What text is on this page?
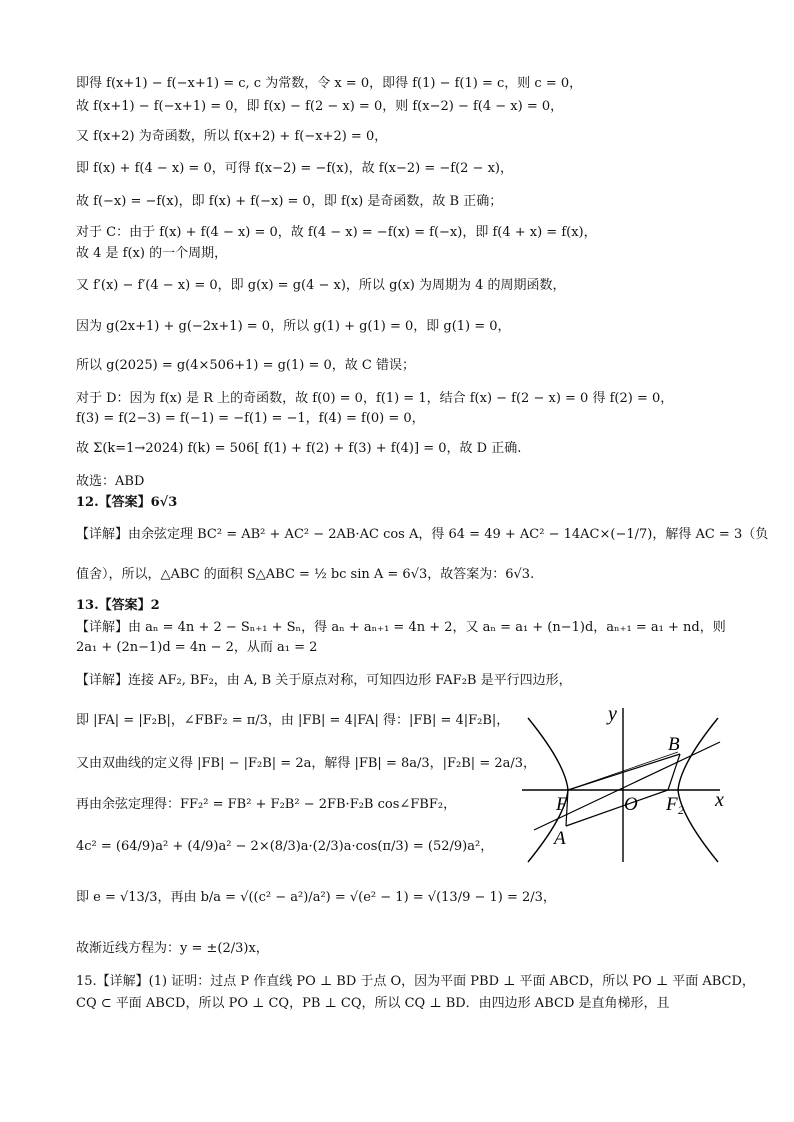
即得 f(x+1) − f(−x+1) = c, c 为常数，令 x = 0，即得 f(1) − f(1) = c，则 c = 0，
故 f(x+1) − f(−x+1) = 0，即 f(x) − f(2 − x) = 0，则 f(x−2) − f(4 − x) = 0，
又 f(x+2) 为奇函数，所以 f(x+2) + f(−x+2) = 0，
即 f(x) + f(4 − x) = 0，可得 f(x−2) = −f(x)，故 f(x−2) = −f(2 − x)，
故 f(−x) = −f(x)，即 f(x) + f(−x) = 0，即 f(x) 是奇函数，故 B 正确；
对于 C：由于 f(x) + f(4 − x) = 0，故 f(4 − x) = −f(x) = f(−x)，即 f(4 + x) = f(x)，
故 4 是 f(x) 的一个周期，
又 f′(x) − f′(4 − x) = 0，即 g(x) = g(4 − x)，所以 g(x) 为周期为 4 的周期函数，
因为 g(2x+1) + g(−2x+1) = 0，所以 g(1) + g(1) = 0，即 g(1) = 0，
所以 g(2025) = g(4×506+1) = g(1) = 0，故 C 错误；
对于 D：因为 f(x) 是 R 上的奇函数，故 f(0) = 0，f(1) = 1，结合 f(x) − f(2 − x) = 0 得 f(2) = 0，
f(3) = f(2−3) = f(−1) = −f(1) = −1，f(4) = f(0) = 0，
故 Σ(k=1→2024) f(k) = 506[ f(1) + f(2) + f(3) + f(4)] = 0，故 D 正确.
故选：ABD
12.【答案】6√3
【详解】由余弦定理 BC² = AB² + AC² − 2AB·AC cos A，得 64 = 49 + AC² − 14AC×(−1/7)，解得 AC = 3（负
值舍），所以，△ABC 的面积 S△ABC = ½ bc sin A = 6√3，故答案为：6√3.
13.【答案】2
【详解】由 aₙ = 4n + 2 − Sₙ₊₁ + Sₙ，得 aₙ + aₙ₊₁ = 4n + 2，又 aₙ = a₁ + (n−1)d，aₙ₊₁ = a₁ + nd，则
2a₁ + (2n−1)d = 4n − 2，从而 a₁ = 2
【详解】连接 AF₂, BF₂，由 A, B 关于原点对称，可知四边形 FAF₂B 是平行四边形，
即 |FA| = |F₂B|，∠FBF₂ = π/3，由 |FB| = 4|FA| 得：|FB| = 4|F₂B|，
又由双曲线的定义得 |FB| − |F₂B| = 2a，解得 |FB| = 8a/3，|F₂B| = 2a/3，
再由余弦定理得：FF₂² = FB² + F₂B² − 2FB·F₂B cos∠FBF₂，
4c² = (64/9)a² + (4/9)a² − 2×(8/3)a·(2/3)a·cos(π/3) = (52/9)a²，
即 e = √13/3，再由 b/a = √((c² − a²)/a²) = √(e² − 1) = √(13/9 − 1) = 2/3，
故渐近线方程为：y = ±(2/3)x，
15.【详解】(1) 证明：过点 P 作直线 PO ⊥ BD 于点 O，因为平面 PBD ⊥ 平面 ABCD，所以 PO ⊥ 平面 ABCD，
CQ ⊂ 平面 ABCD，所以 PO ⊥ CQ，PB ⊥ CQ，所以 CQ ⊥ BD．由四边形 ABCD 是直角梯形，且
y
x
B
F	O F 2
A
